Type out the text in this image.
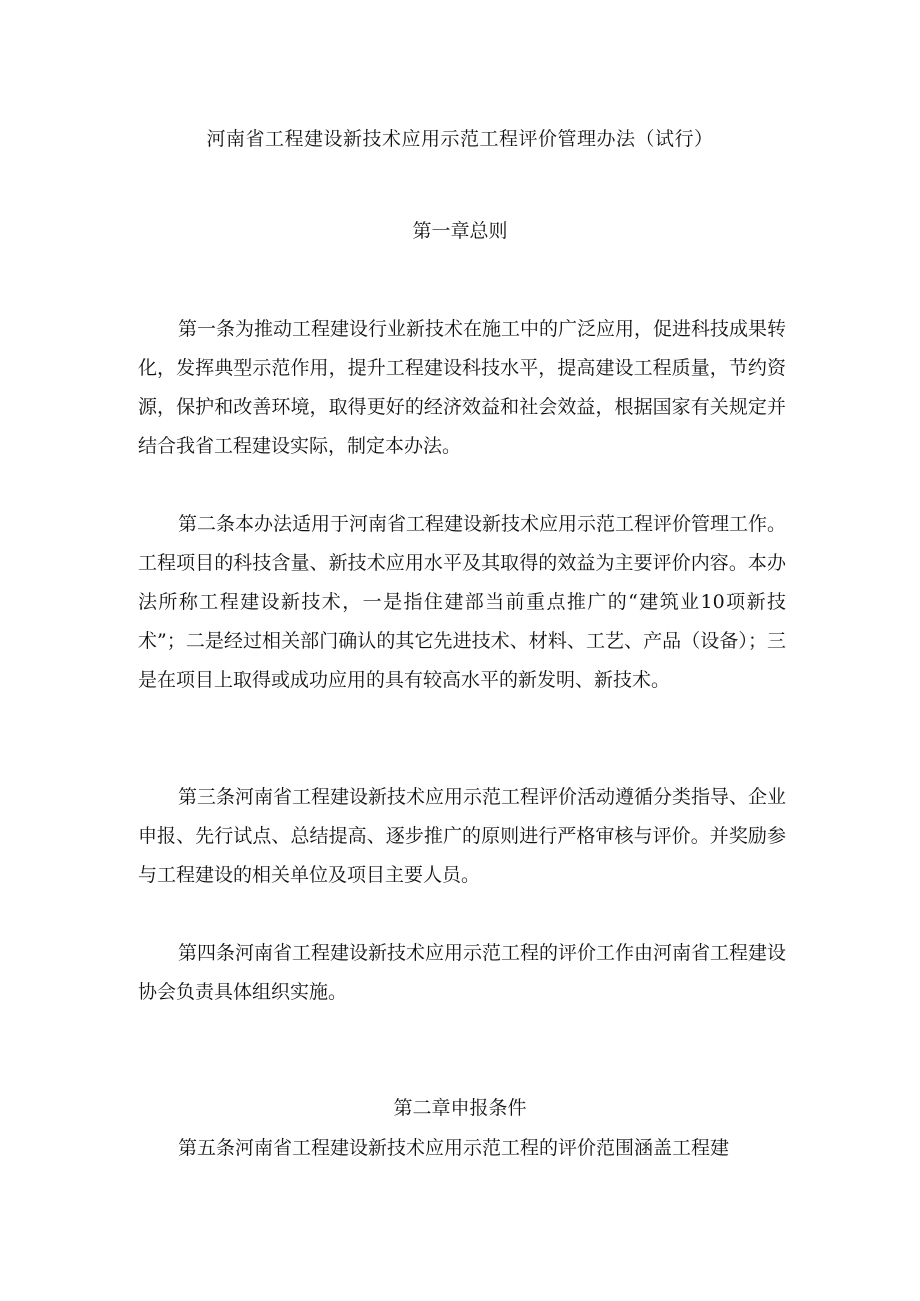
河南省工程建设新技术应用示范工程评价管理办法（试行）
第一章总则

第一条为推动工程建设行业新技术在施工中的广泛应用，促进科技成果转化，发挥典型示范作用，提升工程建设科技水平，提高建设工程质量，节约资源，保护和改善环境，取得更好的经济效益和社会效益，根据国家有关规定并结合我省工程建设实际，制定本办法。

第二条本办法适用于河南省工程建设新技术应用示范工程评价管理工作。工程项目的科技含量、新技术应用水平及其取得的效益为主要评价内容。本办法所称工程建设新技术，一是指住建部当前重点推广的“建筑业10项新技术”；二是经过相关部门确认的其它先进技术、材料、工艺、产品（设备）；三是在项目上取得或成功应用的具有较高水平的新发明、新技术。

第三条河南省工程建设新技术应用示范工程评价活动遵循分类指导、企业申报、先行试点、总结提高、逐步推广的原则进行严格审核与评价。并奖励参与工程建设的相关单位及项目主要人员。

第四条河南省工程建设新技术应用示范工程的评价工作由河南省工程建设协会负责具体组织实施。

第二章申报条件

第五条河南省工程建设新技术应用示范工程的评价范围涵盖工程建
